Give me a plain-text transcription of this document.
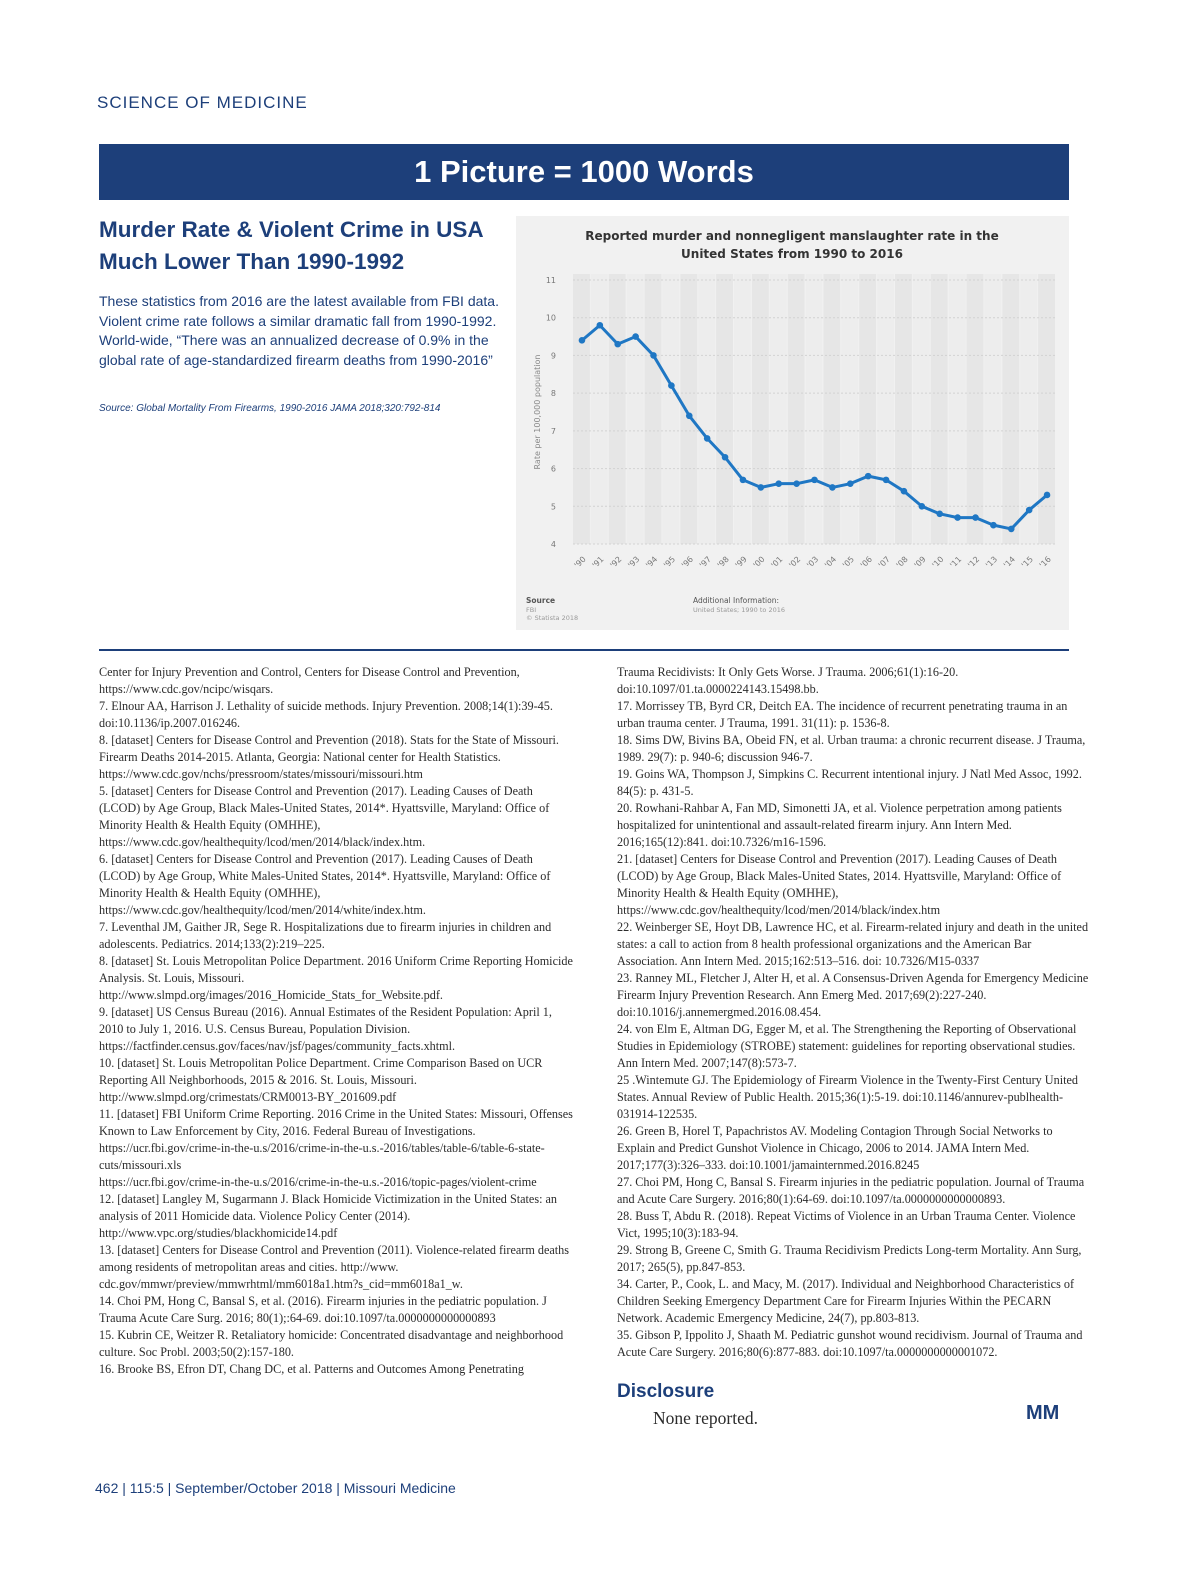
SCIENCE OF MEDICINE
1 Picture = 1000 Words
Murder Rate & Violent Crime in USA Much Lower Than 1990-1992
These statistics from 2016 are the latest available from FBI data. Violent crime rate follows a similar dramatic fall from 1990-1992. World-wide, “There was an annualized decrease of 0.9% in the global rate of age-standardized firearm deaths from 1990-2016”
Source: Global Mortality From Firearms, 1990-2016 JAMA 2018;320:792-814
Reported murder and nonnegligent manslaughter rate in the United States from 1990 to 2016
4
5
6
7
8
9
10
11
Rate per 100,000 population
'90 '91 '92 '93 '94 '95 '96 '97 '98 '99 '00 '01 '02 '03 '04 '05 '06 '07 '08 '09 '10 '11 '12 '13 '14 '15 '16
Source
FBI
© Statista 2018
Additional Information:
United States; 1990 to 2016

Center for Injury Prevention and Control, Centers for Disease Control and Prevention, https://www.cdc.gov/ncipc/wisqars.

7. Elnour AA, Harrison J. Lethality of suicide methods. Injury Prevention. 2008;14(1):39-45. doi:10.1136/ip.2007.016246.

8. [dataset] Centers for Disease Control and Prevention (2018). Stats for the State of Missouri. Firearm Deaths 2014-2015. Atlanta, Georgia: National center for Health Statistics. https://www.cdc.gov/nchs/pressroom/states/missouri/missouri.htm

5. [dataset] Centers for Disease Control and Prevention (2017). Leading Causes of Death (LCOD) by Age Group, Black Males-United States, 2014*. Hyattsville, Maryland: Office of Minority Health & Health Equity (OMHHE), https://www.cdc.gov/healthequity/lcod/men/2014/black/index.htm.

6. [dataset] Centers for Disease Control and Prevention (2017). Leading Causes of Death (LCOD) by Age Group, White Males-United States, 2014*. Hyattsville, Maryland: Office of Minority Health & Health Equity (OMHHE), https://www.cdc.gov/healthequity/lcod/men/2014/white/index.htm.

7. Leventhal JM, Gaither JR, Sege R. Hospitalizations due to firearm injuries in children and adolescents. Pediatrics. 2014;133(2):219–225.

8. [dataset] St. Louis Metropolitan Police Department. 2016 Uniform Crime Reporting Homicide Analysis. St. Louis, Missouri. http://www.slmpd.org/images/2016_Homicide_Stats_for_Website.pdf.

9. [dataset] US Census Bureau (2016). Annual Estimates of the Resident Population: April 1, 2010 to July 1, 2016. U.S. Census Bureau, Population Division. https://factfinder.census.gov/faces/nav/jsf/pages/community_facts.xhtml.

10. [dataset] St. Louis Metropolitan Police Department. Crime Comparison Based on UCR Reporting All Neighborhoods, 2015 & 2016. St. Louis, Missouri. http://www.slmpd.org/crimestats/CRM0013-BY_201609.pdf

11. [dataset] FBI Uniform Crime Reporting. 2016 Crime in the United States: Missouri, Offenses Known to Law Enforcement by City, 2016. Federal Bureau of Investigations. https://ucr.fbi.gov/crime-in-the-u.s/2016/crime-in-the-u.s.-2016/tables/table-6/table-6-state-cuts/missouri.xls

https://ucr.fbi.gov/crime-in-the-u.s/2016/crime-in-the-u.s.-2016/topic-pages/violent-crime

12. [dataset] Langley M, Sugarmann J. Black Homicide Victimization in the United States: an analysis of 2011 Homicide data. Violence Policy Center (2014). http://www.vpc.org/studies/blackhomicide14.pdf

13. [dataset] Centers for Disease Control and Prevention (2011). Violence-related firearm deaths among residents of metropolitan areas and cities. http://www. cdc.gov/mmwr/preview/mmwrhtml/mm6018a1.htm?s_cid=mm6018a1_w.

14. Choi PM, Hong C, Bansal S, et al. (2016). Firearm injuries in the pediatric population. J Trauma Acute Care Surg. 2016; 80(1);:64-69. doi:10.1097/ta.0000000000000893

15. Kubrin CE, Weitzer R. Retaliatory homicide: Concentrated disadvantage and neighborhood culture. Soc Probl. 2003;50(2):157-180.

16. Brooke BS, Efron DT, Chang DC, et al. Patterns and Outcomes Among Penetrating

Trauma Recidivists: It Only Gets Worse. J Trauma. 2006;61(1):16-20. doi:10.1097/01.ta.0000224143.15498.bb.

17. Morrissey TB, Byrd CR, Deitch EA. The incidence of recurrent penetrating trauma in an urban trauma center. J Trauma, 1991. 31(11): p. 1536-8.

18. Sims DW, Bivins BA, Obeid FN, et al. Urban trauma: a chronic recurrent disease. J Trauma, 1989. 29(7): p. 940-6; discussion 946-7.

19. Goins WA, Thompson J, Simpkins C. Recurrent intentional injury. J Natl Med Assoc, 1992. 84(5): p. 431-5.

20. Rowhani-Rahbar A, Fan MD, Simonetti JA, et al. Violence perpetration among patients hospitalized for unintentional and assault-related firearm injury. Ann Intern Med. 2016;165(12):841. doi:10.7326/m16-1596.

21. [dataset] Centers for Disease Control and Prevention (2017). Leading Causes of Death (LCOD) by Age Group, Black Males-United States, 2014. Hyattsville, Maryland: Office of Minority Health & Health Equity (OMHHE), https://www.cdc.gov/healthequity/lcod/men/2014/black/index.htm

22. Weinberger SE, Hoyt DB, Lawrence HC, et al. Firearm-related injury and death in the united states: a call to action from 8 health professional organizations and the American Bar Association. Ann Intern Med. 2015;162:513–516. doi: 10.7326/M15-0337

23. Ranney ML, Fletcher J, Alter H, et al. A Consensus-Driven Agenda for Emergency Medicine Firearm Injury Prevention Research. Ann Emerg Med. 2017;69(2):227-240. doi:10.1016/j.annemergmed.2016.08.454.

24. von Elm E, Altman DG, Egger M, et al. The Strengthening the Reporting of Observational Studies in Epidemiology (STROBE) statement: guidelines for reporting observational studies. Ann Intern Med. 2007;147(8):573-7.

25 .Wintemute GJ. The Epidemiology of Firearm Violence in the Twenty-First Century United States. Annual Review of Public Health. 2015;36(1):5-19. doi:10.1146/annurev-publhealth-031914-122535.

26. Green B, Horel T, Papachristos AV. Modeling Contagion Through Social Networks to Explain and Predict Gunshot Violence in Chicago, 2006 to 2014. JAMA Intern Med. 2017;177(3):326–333. doi:10.1001/jamainternmed.2016.8245

27. Choi PM, Hong C, Bansal S. Firearm injuries in the pediatric population. Journal of Trauma and Acute Care Surgery. 2016;80(1):64-69. doi:10.1097/ta.0000000000000893.

28. Buss T, Abdu R. (2018). Repeat Victims of Violence in an Urban Trauma Center. Violence Vict, 1995;10(3):183-94.

29. Strong B, Greene C, Smith G. Trauma Recidivism Predicts Long-term Mortality. Ann Surg, 2017; 265(5), pp.847-853.

34. Carter, P., Cook, L. and Macy, M. (2017). Individual and Neighborhood Characteristics of Children Seeking Emergency Department Care for Firearm Injuries Within the PECARN Network. Academic Emergency Medicine, 24(7), pp.803-813.

35. Gibson P, Ippolito J, Shaath M. Pediatric gunshot wound recidivism. Journal of Trauma and Acute Care Surgery. 2016;80(6):877-883. doi:10.1097/ta.0000000000001072.

Disclosure
None reported.	MM
462 | 115:5 | September/October 2018 | Missouri Medicine
